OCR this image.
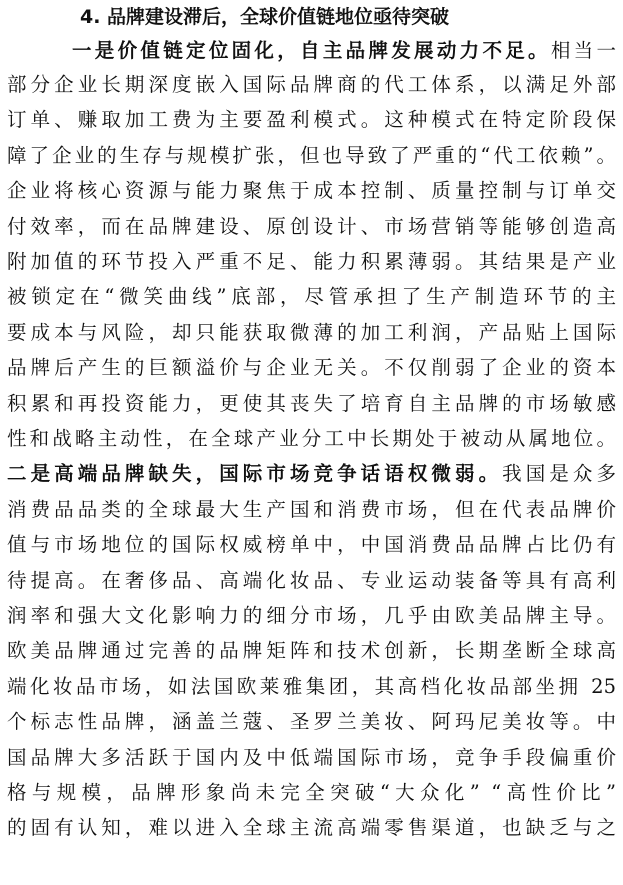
4. 品牌建设滞后，全球价值链地位亟待突破
一是价值链定位固化，自主品牌发展动力不足。相当一
部分企业长期深度嵌入国际品牌商的代工体系，以满足外部
订单、赚取加工费为主要盈利模式。这种模式在特定阶段保
障了企业的生存与规模扩张，但也导致了严重的“代工依赖”。
企业将核心资源与能力聚焦于成本控制、质量控制与订单交
付效率，而在品牌建设、原创设计、市场营销等能够创造高
附加值的环节投入严重不足、能力积累薄弱。其结果是产业
被锁定在“微笑曲线”底部，尽管承担了生产制造环节的主
要成本与风险，却只能获取微薄的加工利润，产品贴上国际
品牌后产生的巨额溢价与企业无关。不仅削弱了企业的资本
积累和再投资能力，更使其丧失了培育自主品牌的市场敏感
性和战略主动性，在全球产业分工中长期处于被动从属地位。
二是高端品牌缺失，国际市场竞争话语权微弱。我国是众多
消费品品类的全球最大生产国和消费市场，但在代表品牌价
值与市场地位的国际权威榜单中，中国消费品品牌占比仍有
待提高。在奢侈品、高端化妆品、专业运动装备等具有高利
润率和强大文化影响力的细分市场，几乎由欧美品牌主导。
欧美品牌通过完善的品牌矩阵和技术创新，长期垄断全球高
端化妆品市场，如法国欧莱雅集团，其高档化妆品部坐拥 25
个标志性品牌，涵盖兰蔻、圣罗兰美妆、阿玛尼美妆等。中
国品牌大多活跃于国内及中低端国际市场，竞争手段偏重价
格与规模，品牌形象尚未完全突破“大众化” “高性价比”
的固有认知，难以进入全球主流高端零售渠道，也缺乏与之
